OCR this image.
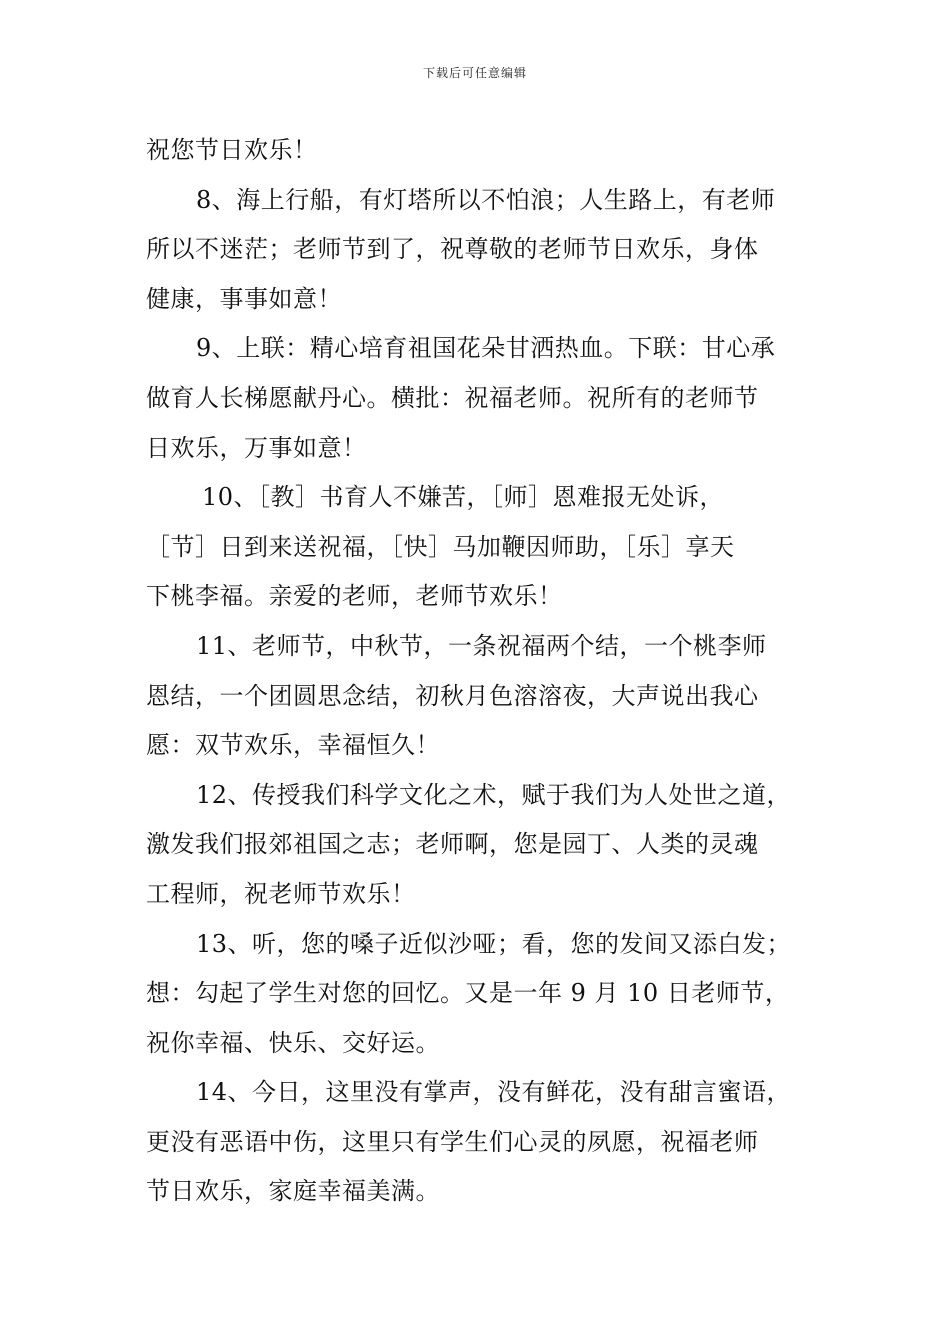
下载后可任意编辑
祝您节日欢乐！
8、海上行船，有灯塔所以不怕浪；人生路上，有老师
所以不迷茫；老师节到了，祝尊敬的老师节日欢乐，身体
健康，事事如意！
9、上联：精心培育祖国花朵甘洒热血。下联：甘心承
做育人长梯愿献丹心。横批：祝福老师。祝所有的老师节
日欢乐，万事如意！
10、［教］书育人不嫌苦，［师］恩难报无处诉，
［节］日到来送祝福，［快］马加鞭因师助，［乐］享天
下桃李福。亲爱的老师，老师节欢乐！
11、老师节，中秋节，一条祝福两个结，一个桃李师
恩结，一个团圆思念结，初秋月色溶溶夜，大声说出我心
愿：双节欢乐，幸福恒久！
12、传授我们科学文化之术，赋于我们为人处世之道，
激发我们报郊祖国之志；老师啊，您是园丁、人类的灵魂
工程师，祝老师节欢乐！
13、听，您的嗓子近似沙哑；看，您的发间又添白发；
想：勾起了学生对您的回忆。又是一年 9 月 10 日老师节，
祝你幸福、快乐、交好运。
14、今日，这里没有掌声，没有鲜花，没有甜言蜜语，
更没有恶语中伤，这里只有学生们心灵的夙愿，祝福老师
节日欢乐，家庭幸福美满。
